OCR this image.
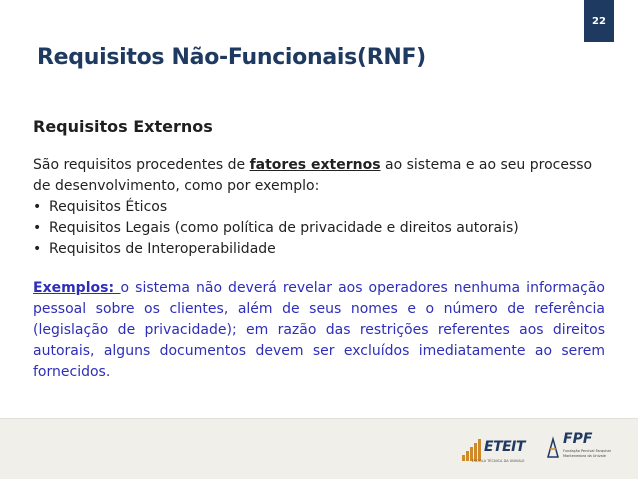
22
Requisitos Não-Funcionais(RNF)

Requisitos Externos

São requisitos procedentes de fatores externos ao sistema e ao seu processo de desenvolvimento, como por exemplo:

• Requisitos Éticos
• Requisitos Legais (como política de privacidade e direitos autorais)
• Requisitos de Interoperabilidade

Exemplos: o sistema não deverá revelar aos operadores nenhuma informação pessoal sobre os clientes, além de seus nomes e o número de referência (legislação de privacidade); em razão das restrições referentes aos direitos autorais, alguns documentos devem ser excluídos imediatamente ao serem fornecidos.

ETEIT
ESCOLA TÉCNICA DA UNIVALE
FPF
Fundação Percival Farquhar
Mantenedora da Univale
